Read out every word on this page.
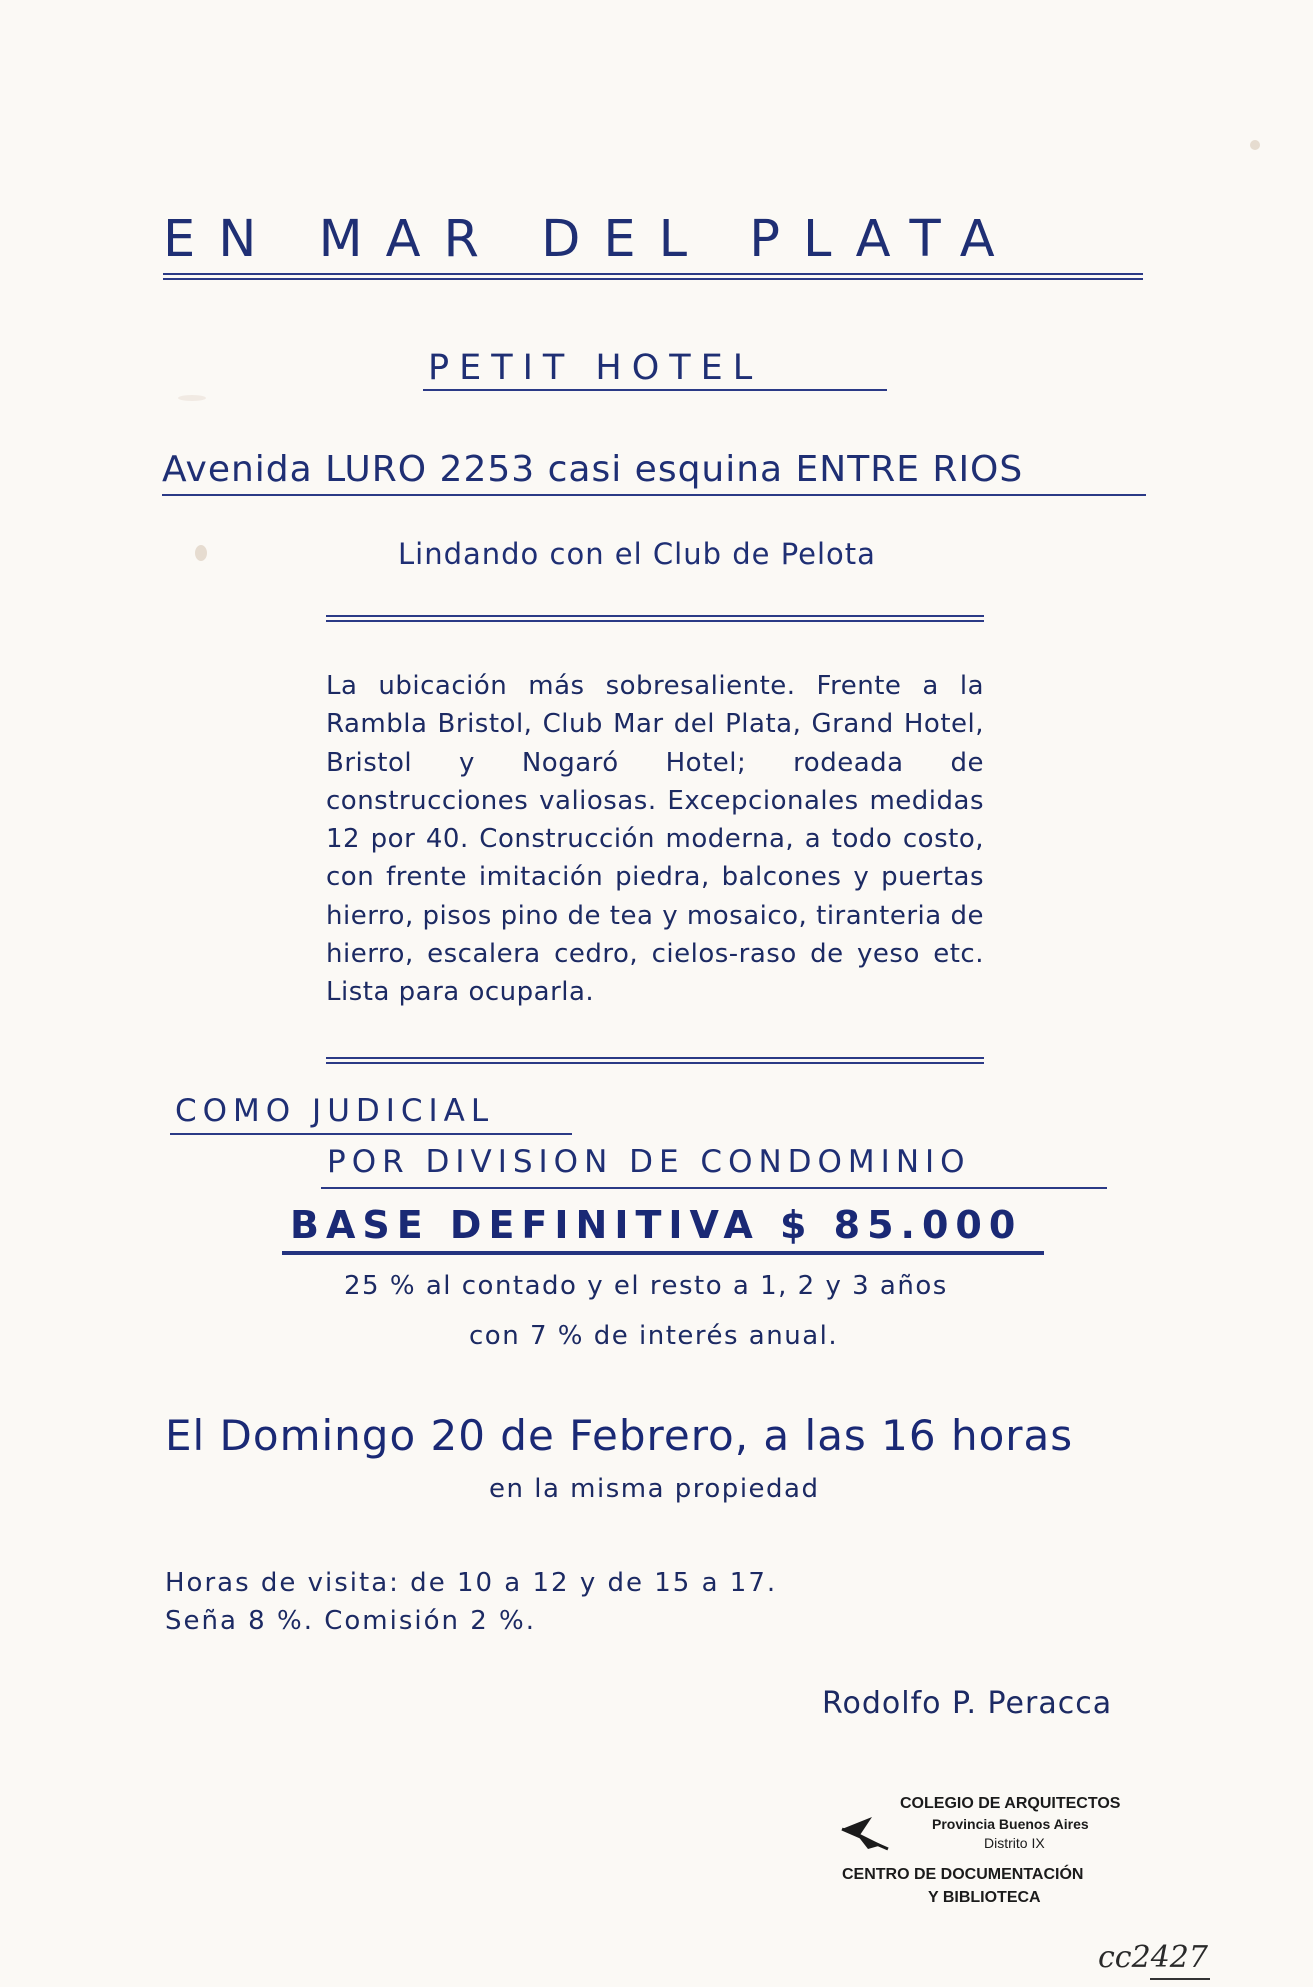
EN MAR DEL PLATA
PETIT HOTEL
Avenida LURO 2253 casi esquina ENTRE RIOS
Lindando con el Club de Pelota
La ubicación más sobresaliente. Frente a la Rambla Bristol, Club Mar del Plata, Grand Hotel, Bristol y Nogaró Hotel; rodeada de construcciones valiosas. Excepcionales medidas 12 por 40. Construcción moderna, a todo costo, con frente imitación piedra, balcones y puertas hierro, pisos pino de tea y mosaico, tiranteria de hierro, escalera cedro, cielos-raso de yeso etc. Lista para ocuparla.
COMO JUDICIAL
POR DIVISION DE CONDOMINIO
BASE DEFINITIVA $ 85.000
25 % al contado y el resto a 1, 2 y 3 años
con 7 % de interés anual.
El Domingo 20 de Febrero, a las 16 horas
en la misma propiedad
Horas de visita: de 10 a 12 y de 15 a 17.
Seña 8 %. Comisión 2 %.
Rodolfo P. Peracca
COLEGIO DE ARQUITECTOS
Provincia Buenos Aires
Distrito IX
CENTRO DE DOCUMENTACIÓN
Y BIBLIOTECA
cc2427
